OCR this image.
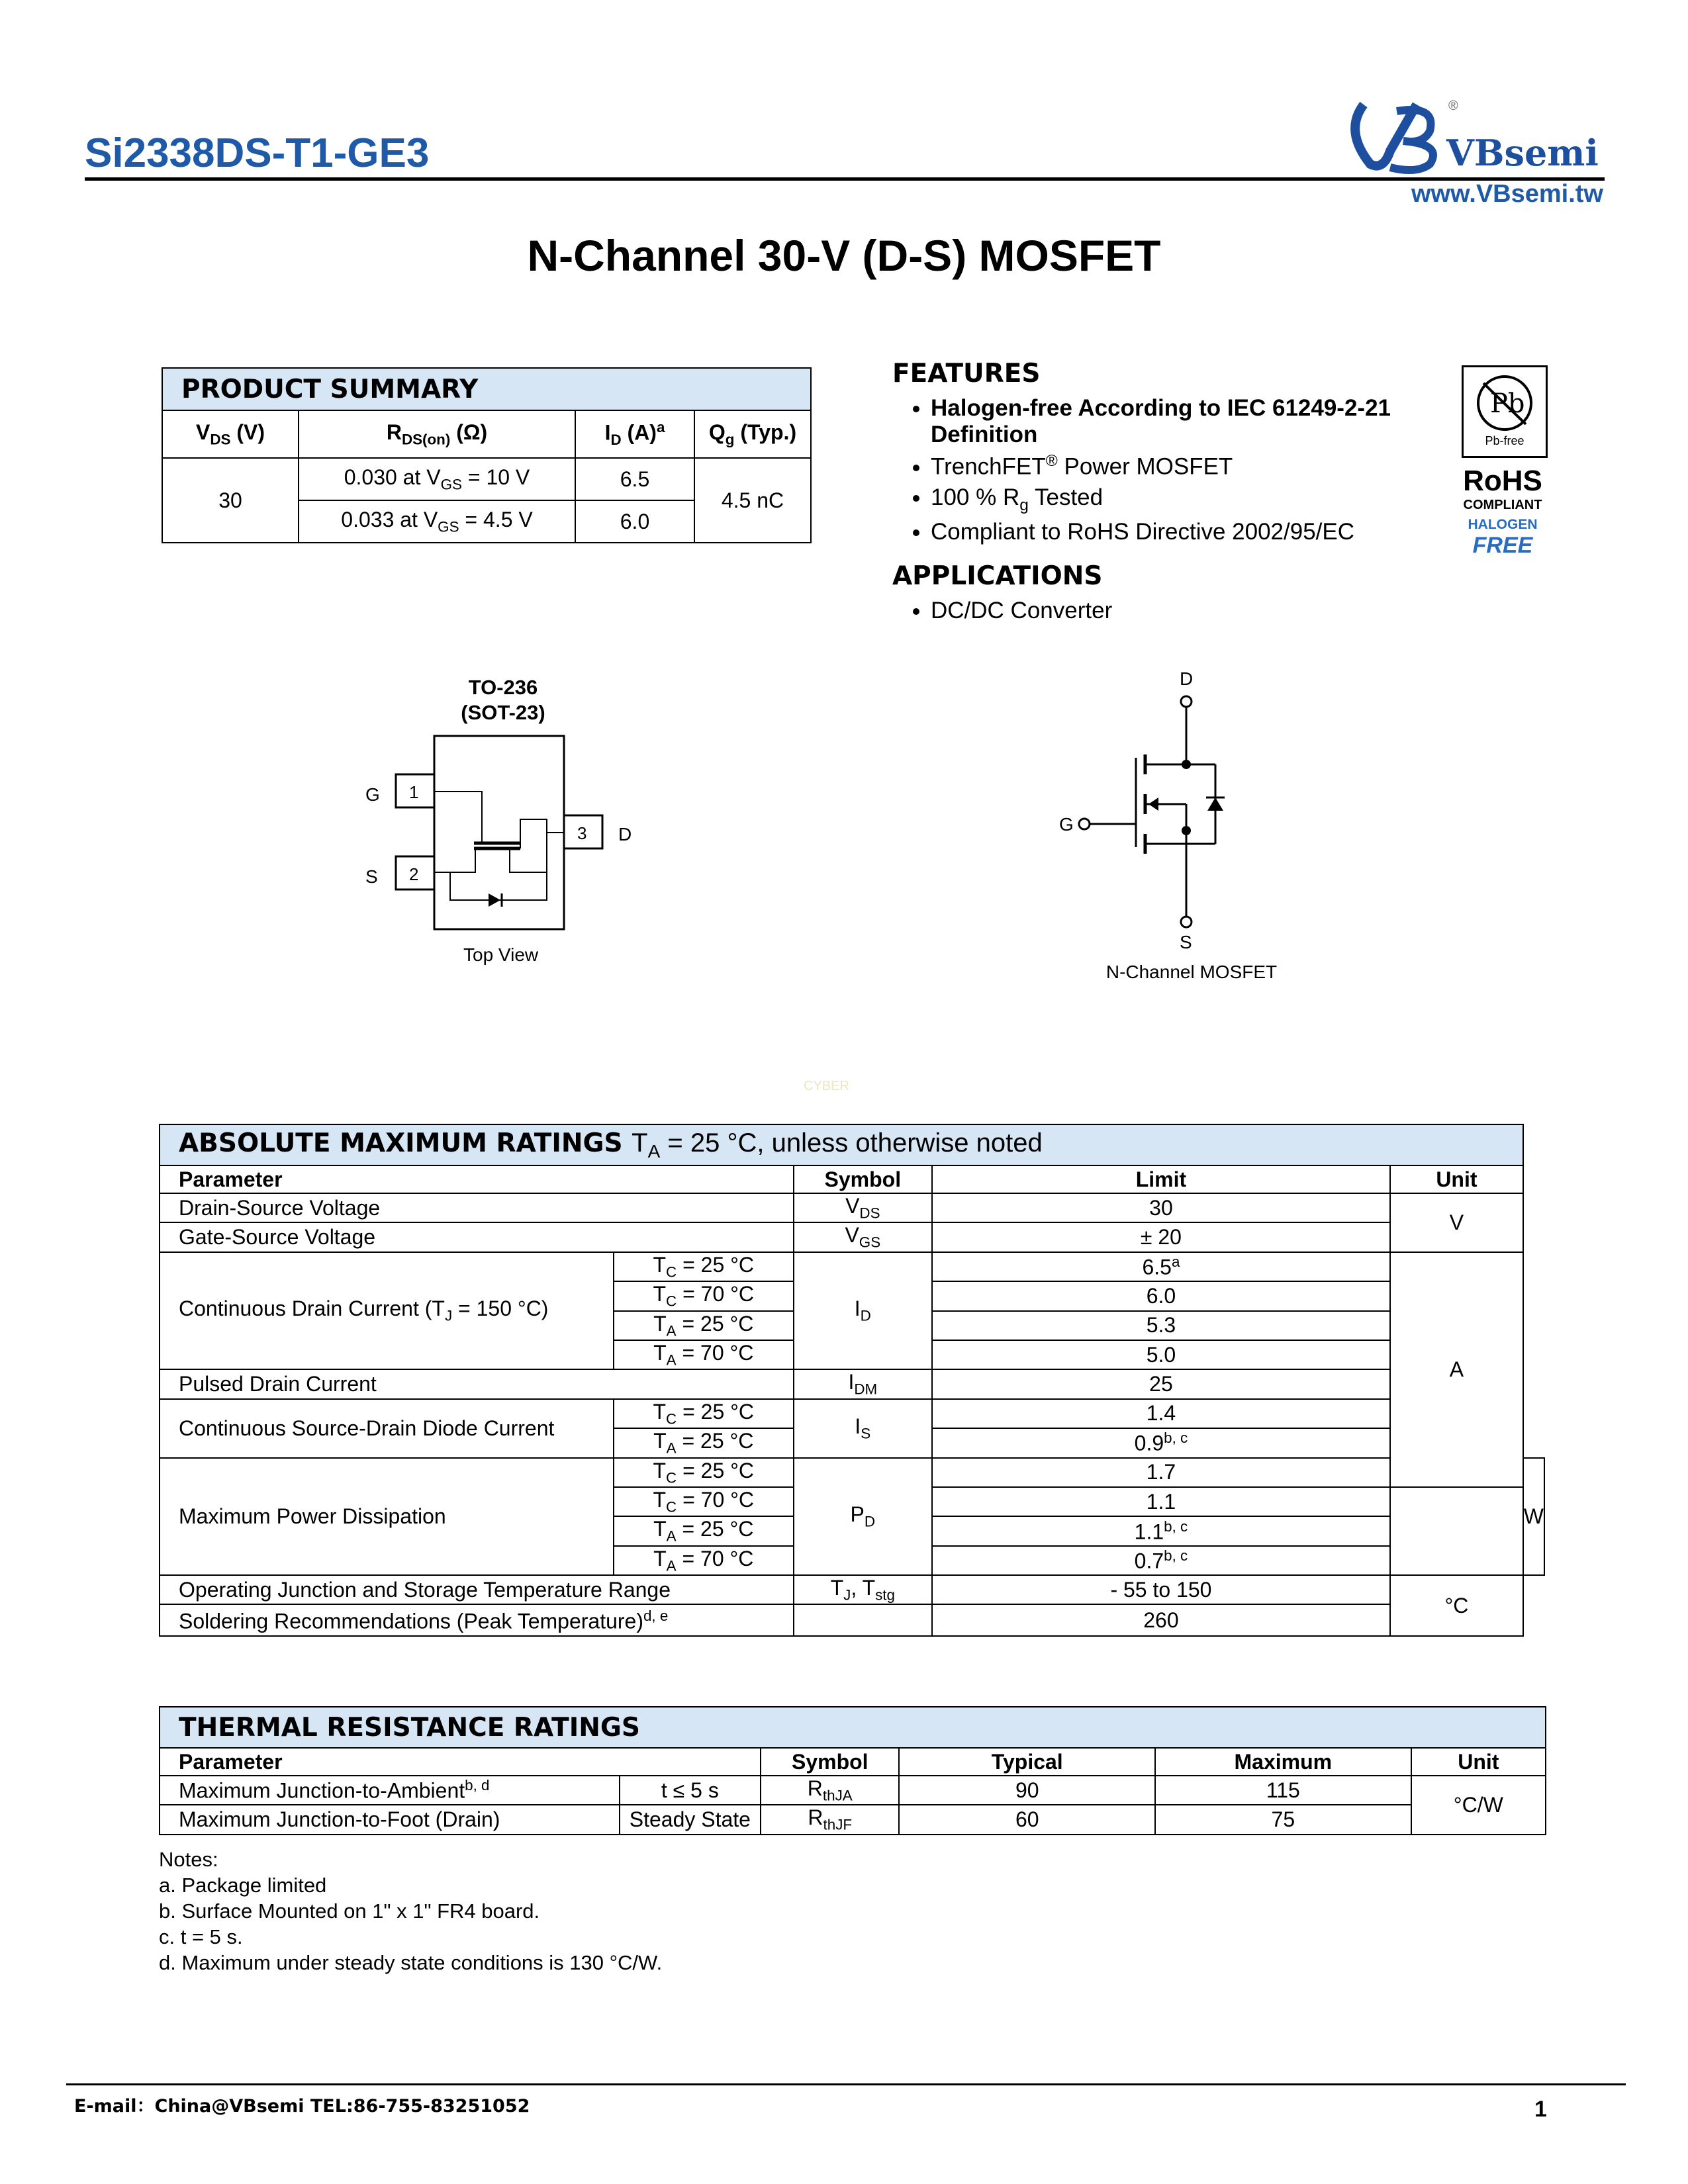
Si2338DS-T1-GE3	VBsemi
®
www.VBsemi.tw
N-Channel 30-V (D-S) MOSFET
PRODUCT SUMMARY			
$V_{DS}$ (V)	$R_{DS(on)}$ (Ω)	$I_D$ $(A)^a$	$Q_g$ (Typ.)
30	0.030 at $V_{GS} = 10$ V	6.5	4.5 nC
	0.033 at $V_{GS} = 4.5$ V	6.0	
FEATURES
• Halogen-free According to IEC 61249-2-21
Definition
• TrenchFET® Power MOSFET
• 100 % $R_g$ Tested
• Compliant to RoHS Directive 2002/95/EC
APPLICATIONS
• DC/DC Converter
Pb
Pb-free
RoHS
COMPLIANT
HALOGEN
FREE
TO-236
(SOT-23)
G 1
S 2
3 D
Top View
D
G
S
N-Channel MOSFET
CYBER
ABSOLUTE MAXIMUM RATINGS $T_A = 25$ °C, unless otherwise noted					
Parameter		Symbol	Limit	Unit	
Drain-Source Voltage		$V_{DS}$	30	V	
Gate-Source Voltage		$V_{GS}$	± 20		
Continuous Drain Current ($T_J = 150$ °C)	$T_C = 25$ °C	$I_D$	6.5$^a$	A	
	$T_C = 70$ °C		6.0		
	$T_A = 25$ °C		5.3		
	$T_A = 70$ °C		5.0		
Pulsed Drain Current		$I_{DM}$	25		
Continuous Source-Drain Diode Current	$T_C = 25$ °C	$I_S$	1.4		
	$T_A = 25$ °C		0.9$^{b, c}$
Maximum Power Dissipation	$T_C = 25$ °C	$P_D$	1.7		W
	$T_C = 70$ °C		1.1		
	$T_A = 25$ °C		1.1$^{b, c}$
	$T_A = 70$ °C		0.7$^{b, c}$
Operating Junction and Storage Temperature Range		$T_J$, $T_{stg}$	- 55 to 150	°C	
Soldering Recommendations (Peak Temperature)$^{d, e}$			260		
THERMAL RESISTANCE RATINGS					
Parameter		Symbol	Typical	Maximum	Unit
Maximum Junction-to-Ambient$^{b, d}$	t ≤ 5 s	$R_{thJA}$	90	115	°C/W
Maximum Junction-to-Foot (Drain)	Steady State	$R_{thJF}$	60	75	
Notes:
a. Package limited
b. Surface Mounted on 1" x 1" FR4 board.
c. t = 5 s.
d. Maximum under steady state conditions is 130 °C/W.
E-mail：China@VBsemi TEL:86-755-83251052	1
